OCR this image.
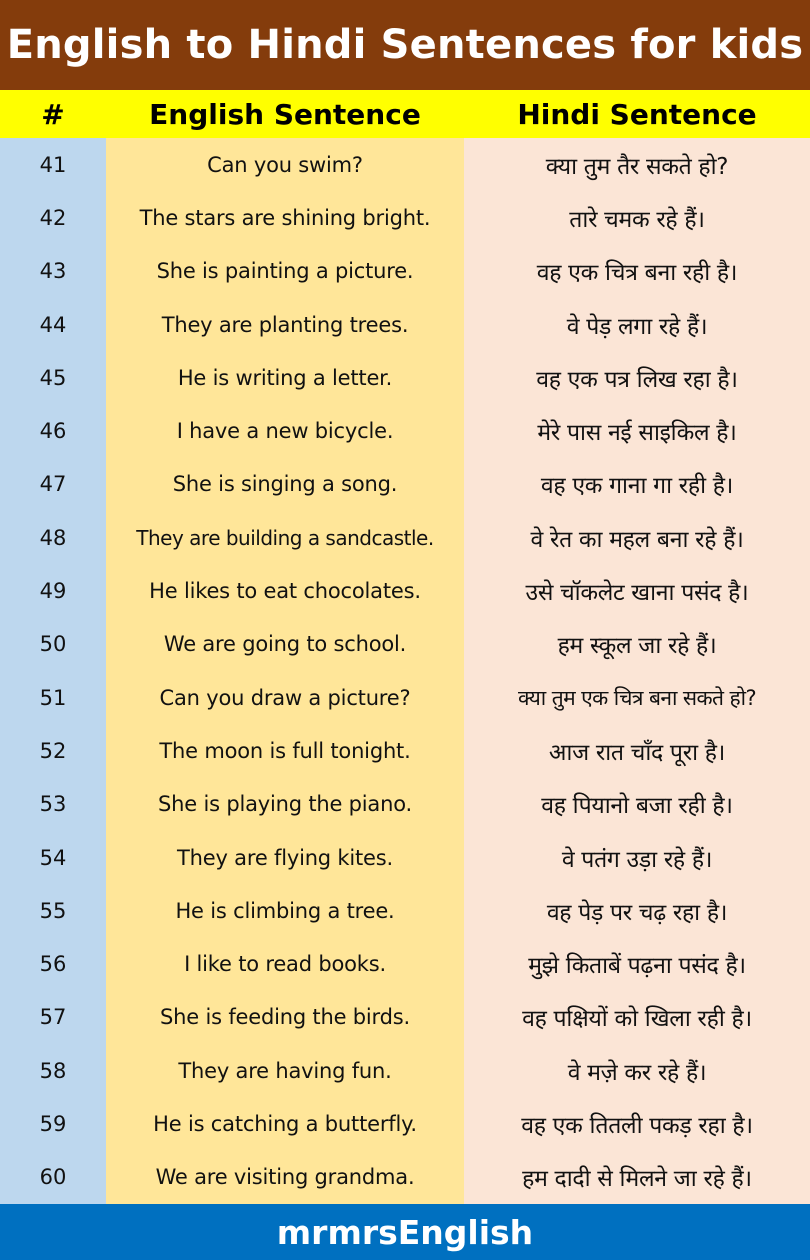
English to Hindi Sentences for kids
#	English Sentence	Hindi Sentence
41	Can you swim?	क्या तुम तैर सकते हो?
42	The stars are shining bright.	तारे चमक रहे हैं।
43	She is painting a picture.	वह एक चित्र बना रही है।
44	They are planting trees.	वे पेड़ लगा रहे हैं।
45	He is writing a letter.	वह एक पत्र लिख रहा है।
46	I have a new bicycle.	मेरे पास नई साइकिल है।
47	She is singing a song.	वह एक गाना गा रही है।
48	They are building a sandcastle.	वे रेत का महल बना रहे हैं।
49	He likes to eat chocolates.	उसे चॉकलेट खाना पसंद है।
50	We are going to school.	हम स्कूल जा रहे हैं।
51	Can you draw a picture?	क्या तुम एक चित्र बना सकते हो?
52	The moon is full tonight.	आज रात चाँद पूरा है।
53	She is playing the piano.	वह पियानो बजा रही है।
54	They are flying kites.	वे पतंग उड़ा रहे हैं।
55	He is climbing a tree.	वह पेड़ पर चढ़ रहा है।
56	I like to read books.	मुझे किताबें पढ़ना पसंद है।
57	She is feeding the birds.	वह पक्षियों को खिला रही है।
58	They are having fun.	वे मज़े कर रहे हैं।
59	He is catching a butterfly.	वह एक तितली पकड़ रहा है।
60	We are visiting grandma.	हम दादी से मिलने जा रहे हैं।
mrmrsEnglish
